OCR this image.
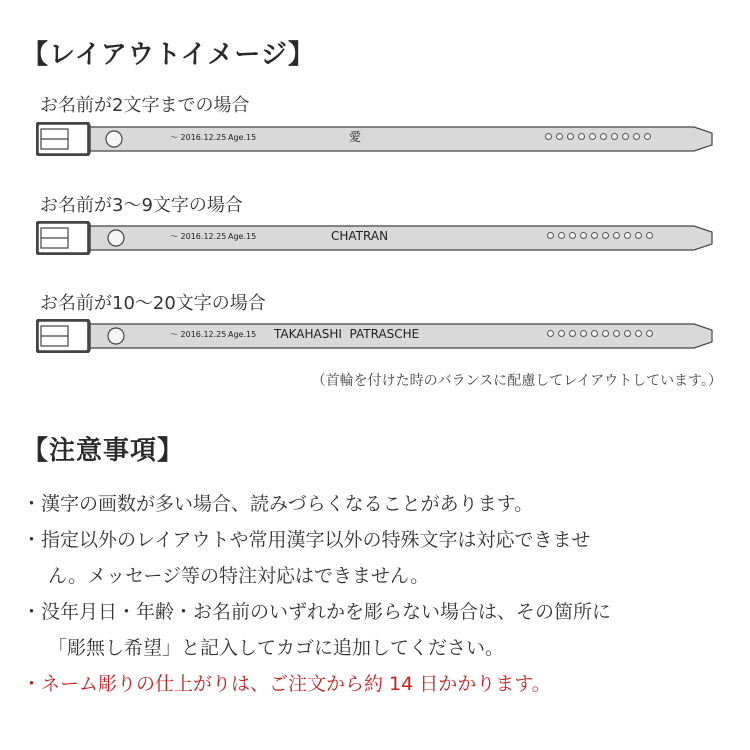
【レイアウトイメージ】
お名前が2文字までの場合
～ 2016.12.25 Age.15	愛
お名前が3～9文字の場合
～ 2016.12.25 Age.15	CHATRAN
お名前が10～20文字の場合
～ 2016.12.25 Age.15 TAKAHASHI  PATRASCHE
（首輪を付けた時のバランスに配慮してレイアウトしています。）
【注意事項】
・漢字の画数が多い場合、読みづらくなることがあります。
・指定以外のレイアウトや常用漢字以外の特殊文字は対応できませ
ん。メッセージ等の特注対応はできません。
・没年月日・年齢・お名前のいずれかを彫らない場合は、その箇所に
「彫無し希望」と記入してカゴに追加してください。
・ネーム彫りの仕上がりは、ご注文から約 14 日かかります。
